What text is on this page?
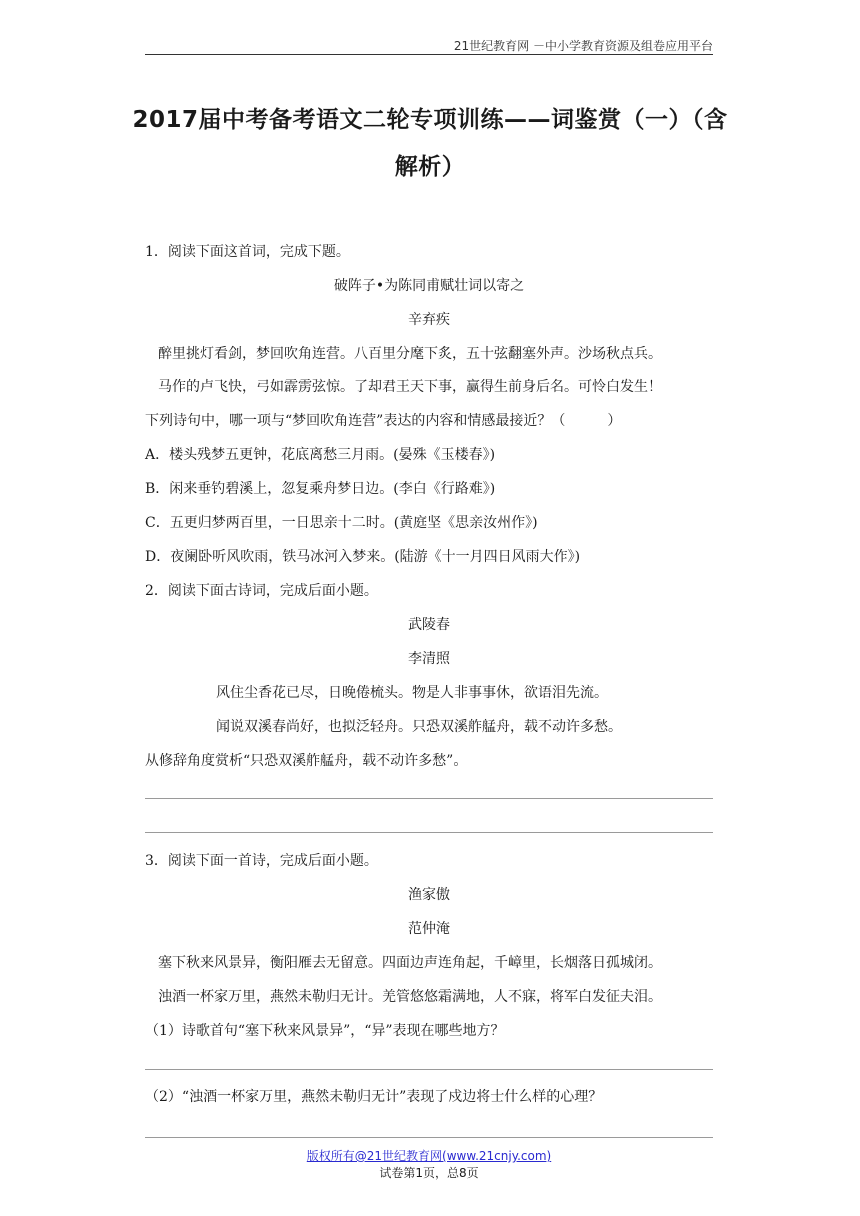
21世纪教育网 －中小学教育资源及组卷应用平台
2017届中考备考语文二轮专项训练——词鉴赏（一）（含
解析）
1．阅读下面这首词，完成下题。
破阵子•为陈同甫赋壮词以寄之
辛弃疾
醉里挑灯看剑，梦回吹角连营。八百里分麾下炙，五十弦翻塞外声。沙场秋点兵。
马作的卢飞快，弓如霹雳弦惊。了却君王天下事，赢得生前身后名。可怜白发生！
下列诗句中，哪一项与“梦回吹角连营”表达的内容和情感最接近？（　　　）
A．楼头残梦五更钟，花底离愁三月雨。(晏殊《玉楼春》)
B．闲来垂钓碧溪上，忽复乘舟梦日边。(李白《行路难》)
C．五更归梦两百里，一日思亲十二时。(黄庭坚《思亲汝州作》)
D．夜阑卧听风吹雨，铁马冰河入梦来。(陆游《十一月四日风雨大作》)
2．阅读下面古诗词，完成后面小题。
武陵春
李清照
风住尘香花已尽，日晚倦梳头。物是人非事事休，欲语泪先流。
闻说双溪春尚好，也拟泛轻舟。只恐双溪舴艋舟，载不动许多愁。
从修辞角度赏析“只恐双溪舴艋舟，载不动许多愁”。
3．阅读下面一首诗，完成后面小题。
渔家傲
范仲淹
塞下秋来风景异，衡阳雁去无留意。四面边声连角起，千嶂里，长烟落日孤城闭。
浊酒一杯家万里，燕然未勒归无计。羌管悠悠霜满地，人不寐，将军白发征夫泪。
（1）诗歌首句“塞下秋来风景异”，“异”表现在哪些地方？
（2）“浊酒一杯家万里，燕然未勒归无计”表现了戍边将士什么样的心理？
版权所有@21世纪教育网(www.21cnjy.com)
试卷第1页，总8页
